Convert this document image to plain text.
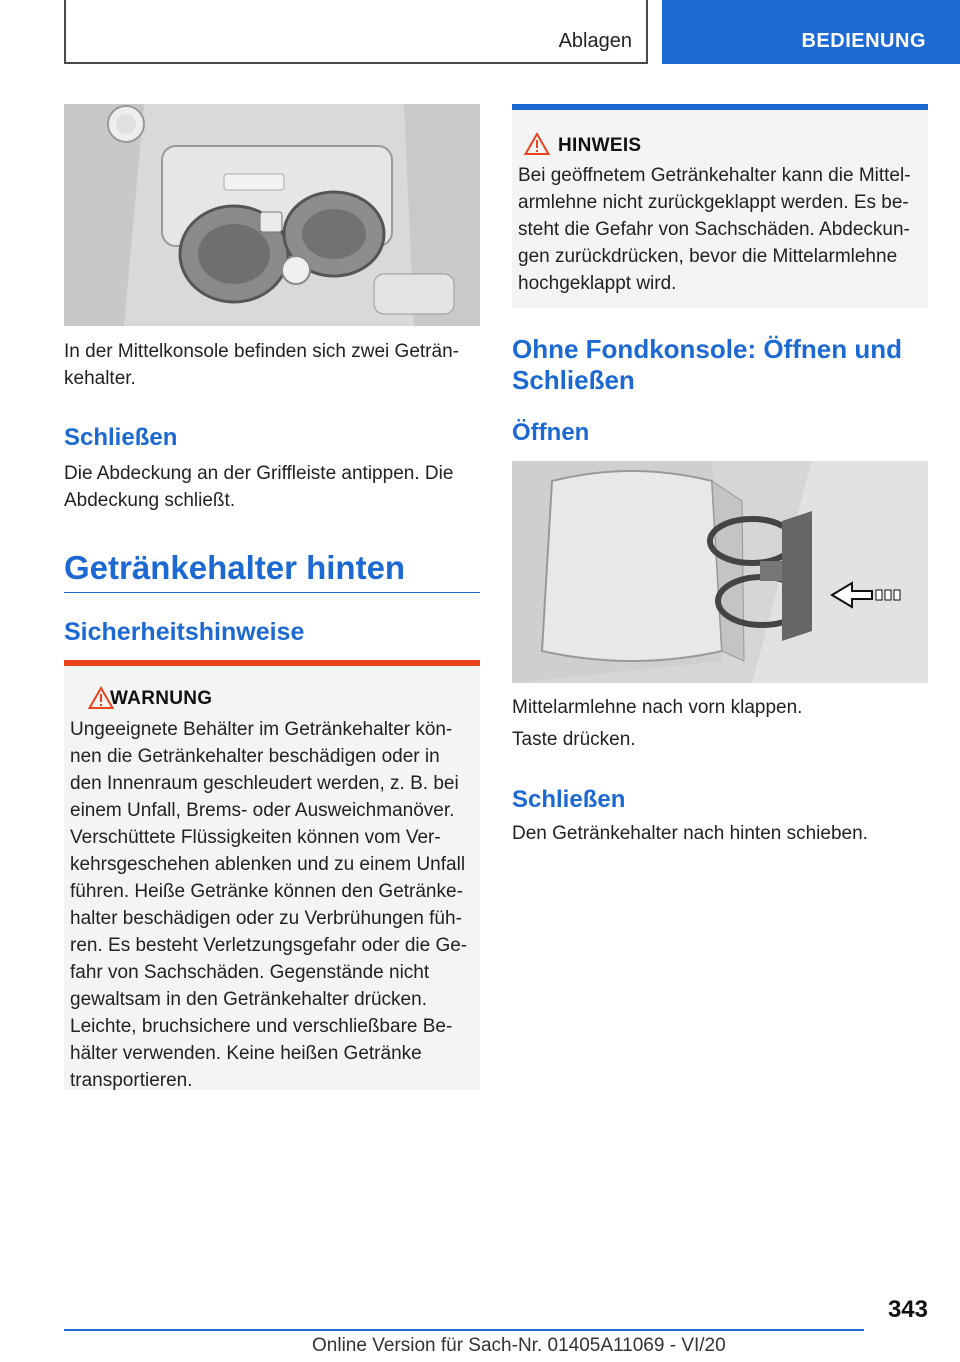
Ablagen	BEDIENUNG
In der Mittelkonsole befinden sich zwei Geträn-
kehalter.
Schließen
Die Abdeckung an der Griffleiste antippen. Die
Abdeckung schließt.
Getränkehalter hinten
Sicherheitshinweise
WARNUNG
Ungeeignete Behälter im Getränkehalter kön-
nen die Getränkehalter beschädigen oder in
den Innenraum geschleudert werden, z. B. bei
einem Unfall, Brems- oder Ausweichmanöver.
Verschüttete Flüssigkeiten können vom Ver-
kehrsgeschehen ablenken und zu einem Unfall
führen. Heiße Getränke können den Getränke-
halter beschädigen oder zu Verbrühungen füh-
ren. Es besteht Verletzungsgefahr oder die Ge-
fahr von Sachschäden. Gegenstände nicht
gewaltsam in den Getränkehalter drücken.
Leichte, bruchsichere und verschließbare Be-
hälter verwenden. Keine heißen Getränke
transportieren.
HINWEIS
Bei geöffnetem Getränkehalter kann die Mittel-
armlehne nicht zurückgeklappt werden. Es be-
steht die Gefahr von Sachschäden. Abdeckun-
gen zurückdrücken, bevor die Mittelarmlehne
hochgeklappt wird.
Ohne Fondkonsole: Öffnen und
Schließen
Öffnen
Mittelarmlehne nach vorn klappen.
Taste drücken.
Schließen
Den Getränkehalter nach hinten schieben.
343
Online Version für Sach-Nr. 01405A11069 - VI/20
